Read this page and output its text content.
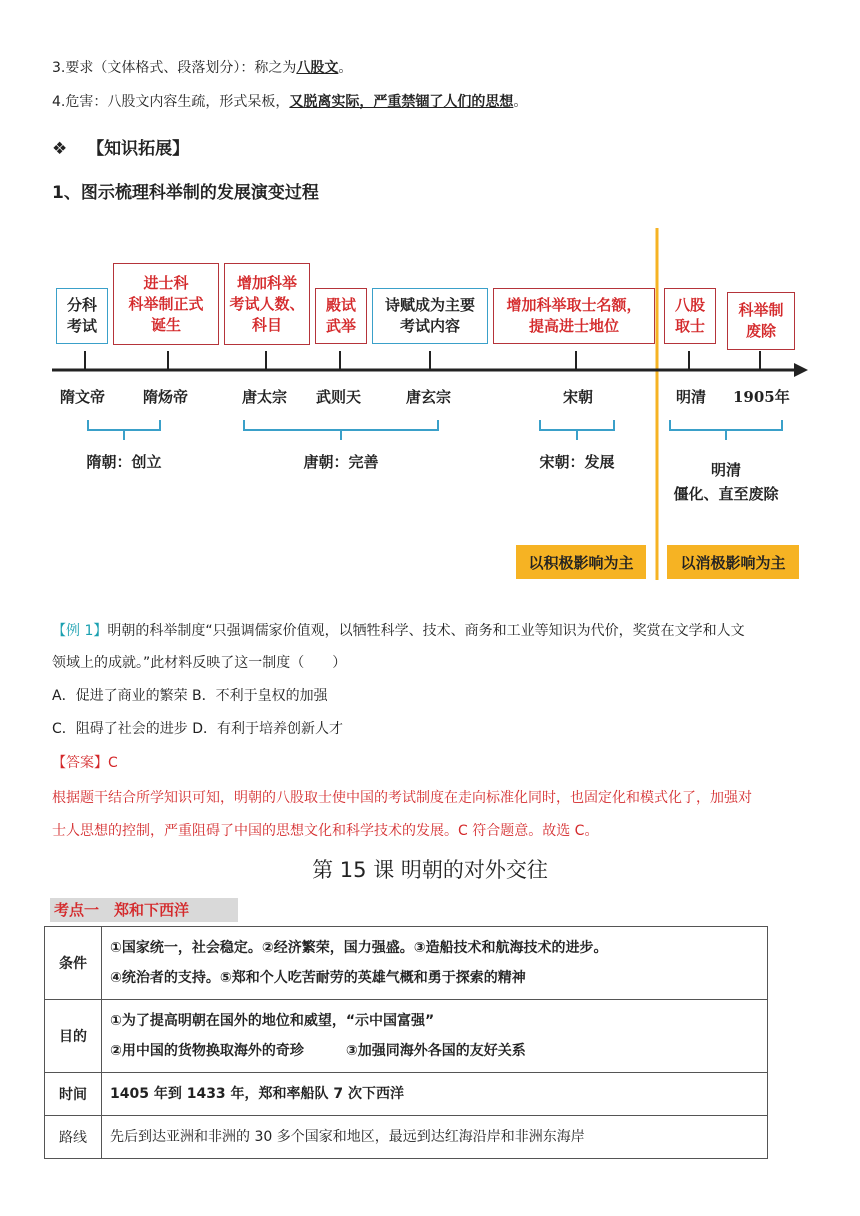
3.要求（文体格式、段落划分）：称之为八股文。
4.危害：八股文内容生疏，形式呆板，又脱离实际，严重禁锢了人们的思想。
❖ 【知识拓展】
1、图示梳理科举制的发展演变过程
分科
考试
进士科
科举制正式
诞生
增加科举
考试人数、
科目
殿试
武举
诗赋成为主要
考试内容
增加科举取士名额，
提高进士地位
八股
取士
科举制
废除
隋文帝	隋炀帝	唐太宗 武则天	唐玄宗	宋朝	明清 1905年
隋朝：创立	唐朝：完善	宋朝：发展	明清
僵化、直至废除
以积极影响为主	以消极影响为主
【例 1】明朝的科举制度“只强调儒家价值观，以牺牲科学、技术、商务和工业等知识为代价，奖赏在文学和人文
领域上的成就。”此材料反映了这一制度（　　）
A．促进了商业的繁荣 B．不利于皇权的加强
C．阻碍了社会的进步 D．有利于培养创新人才
【答案】C
根据题干结合所学知识可知，明朝的八股取士使中国的考试制度在走向标准化同时，也固定化和模式化了，加强对
士人思想的控制，严重阻碍了中国的思想文化和科学技术的发展。C 符合题意。故选 C。
第 15 课 明朝的对外交往
考点一　郑和下西洋
条件	①国家统一，社会稳定。②经济繁荣，国力强盛。③造船技术和航海技术的进步。
④统治者的支持。⑤郑和个人吃苦耐劳的英雄气概和勇于探索的精神

目的	①为了提高明朝在国外的地位和威望，“示中国富强”
②用中国的货物换取海外的奇珍　　　③加强同海外各国的友好关系

时间	1405 年到 1433 年，郑和率船队 7 次下西洋

路线	先后到达亚洲和非洲的 30 多个国家和地区，最远到达红海沿岸和非洲东海岸
